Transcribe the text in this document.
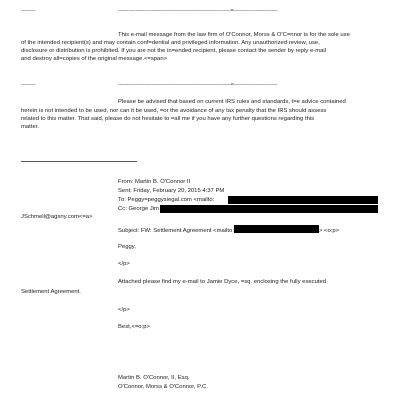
----------	-----------------------------------------------------------------------------=------------------------------

This e-mail message from the law firm of O'Connor, Morss & O'C=nnor is for the sole use

of the intended recipient(s) and may contain conf=dential and privileged information. Any unauthorized review, use,

disclosure or distribution is prohibited. If you are not the in=ended recipient, please contact the sender by reply e-mail

and destroy all=copies of the original message.<=span>

----------	-----------------------------------------------------------------------------=------------------------------

Please be advised that based on current IRS rules and standards, t=e advice contained

herein is not intended to be used, nor can it be used, =or the avoidance of any tax penalty that the IRS should assess

related to this matter. That said, please do not hesitate to =all me if you have any further questions regarding this

matter.

From: Martin B. O'Connor II

Sent: Friday, February 20, 2015 4:37 PM

To: Peggy=peggysiegal.com <mailto:

Cc: George Jim

JSchmell@agsny.com<=a>

Subject: FW: Settlement Agreement <mailto:	> <o:p>

Peggy,

</p>

Attached please find my e-mail to Jamie Dyce, =sq. enclosing the fully executed

Settlement Agreement.

</p>

Best,<=o:p>

Martin B. O'Connor, II, Esq.

O'Connor, Morss & O'Connor, P.C.
